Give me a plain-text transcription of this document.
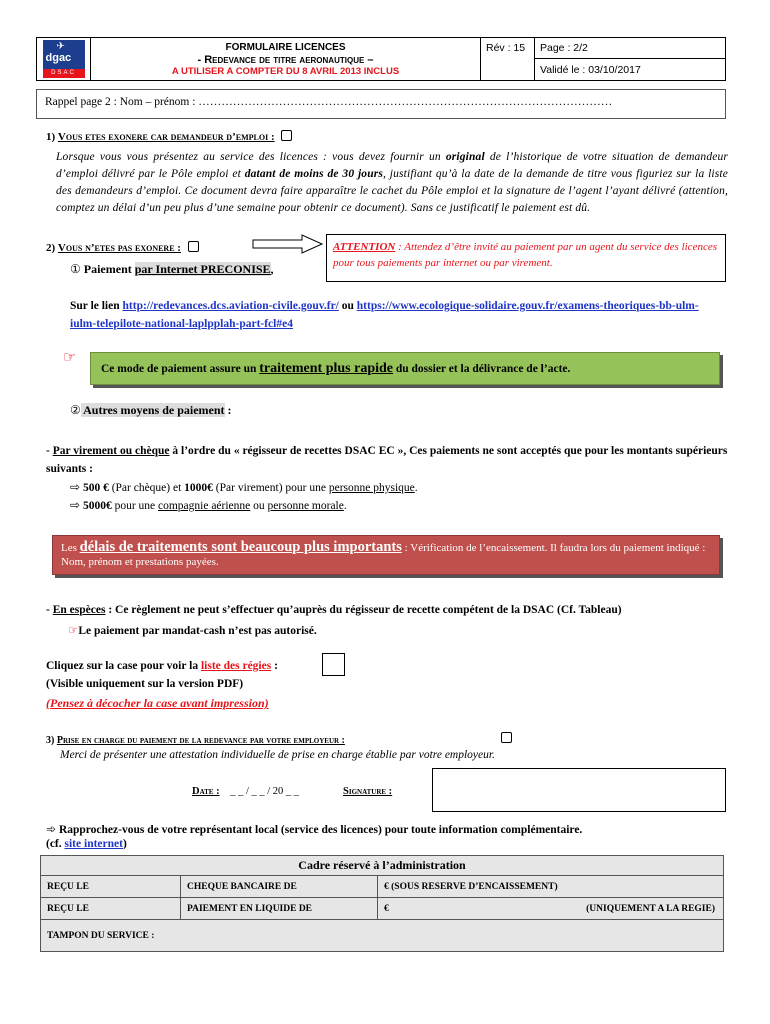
✈
dgac
DSAC

FORMULAIRE LICENCES
- Redevance de titre aeronautique –
A UTILISER A COMPTER DU 8 AVRIL 2013 INCLUS
	Rév : 15	Page : 2/2
Validé le : 03/10/2017
Rappel page 2 : Nom – prénom : ………………………………………………………………………………………………
1) Vous etes exonere car demandeur d’emploi :
Lorsque vous vous présentez au service des licences : vous devez fournir un original de l’historique de votre situation de demandeur d’emploi délivré par le Pôle emploi et datant de moins de 30 jours, justifiant qu’à la date de la demande de titre vous figuriez sur la liste des demandeurs d’emploi. Ce document devra faire apparaître le cachet du Pôle emploi et la signature de l’agent l’ayant délivré (attention, comptez un délai d’un peu plus d’une semaine pour obtenir ce document). Sans ce justificatif le paiement est dû.
2) Vous n’etes pas exonere :	ATTENTION : Attendez d’être invité au paiement par un agent du service des licences pour tous paiements par internet ou par virement.
① Paiement par Internet PRECONISE,
Sur le lien http://redevances.dcs.aviation-civile.gouv.fr/ ou https://www.ecologique-solidaire.gouv.fr/examens-theoriques-bb-ulm-iulm-telepilote-national-laplpplah-part-fcl#e4
☞
Ce mode de paiement assure un traitement plus rapide du dossier et la délivrance de l’acte.
② Autres moyens de paiement :
- Par virement ou chèque à l’ordre du « régisseur de recettes DSAC EC », Ces paiements ne sont acceptés que pour les montants supérieurs suivants :
⇨ 500 € (Par chèque) et 1000€ (Par virement) pour une personne physique.
⇨ 5000€ pour une compagnie aérienne ou personne morale.
Les délais de traitements sont beaucoup plus importants : Vérification de l’encaissement. Il faudra lors du paiement indiqué : Nom, prénom et prestations payées.
- En espèces : Ce règlement ne peut s’effectuer qu’auprès du régisseur de recette compétent de la DSAC (Cf. Tableau)
☞Le paiement par mandat-cash n’est pas autorisé.
Cliquez sur la case pour voir la liste des régies :
(Visible uniquement sur la version PDF)
(Pensez à décocher la case avant impression)
3) Prise en charge du paiement de la redevance par votre employeur :
Merci de présenter une attestation individuelle de prise en charge établie par votre employeur.
Date : _ _ / _ _ / 20 _ _	Signature :
➾ Rapprochez-vous de votre représentant local (service des licences) pour toute information complémentaire.
(cf. site internet)
Cadre réservé à l’administration			
REÇU LE	CHEQUE BANCAIRE DE	€ (SOUS RESERVE D’ENCAISSEMENT)	
REÇU LE	PAIEMENT EN LIQUIDE DE	€	(UNIQUEMENT A LA REGIE)
TAMPON DU SERVICE :			
